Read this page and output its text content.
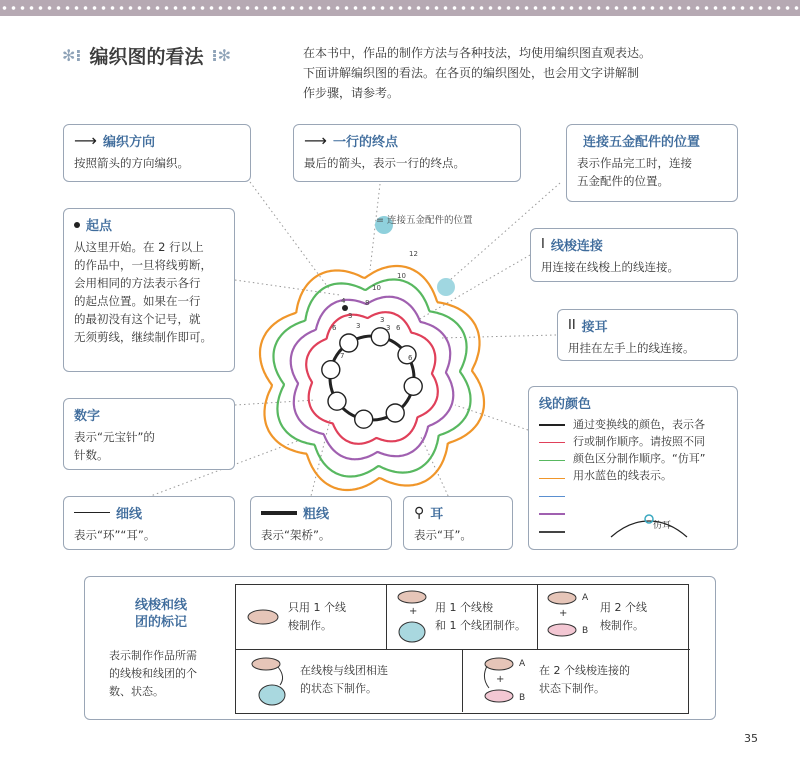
✻⁝ 编织图的看法 ⁝✻	在本书中，作品的制作方法与各种技法，均使用编织图直观表达。
下面讲解编织图的看法。在各页的编织图处，也会用文字讲解制
作步骤，请参考。
12
10
10
6
6
6
8
3	3
4
3	3
7
= 连接五金配件的位置
⟶ 编织方向

按照箭头的方向编织。

⟶ 一行的终点

最后的箭头，表示一行的终点。

连接五金配件的位置

表示作品完工时，连接

五金配件的位置。

起点

从这里开始。在 2 行以上

的作品中，一旦将线剪断，

会用相同的方法表示各行

的起点位置。如果在一行

的最初没有这个记号，就

无须剪线，继续制作即可。

I 线梭连接

用连接在线梭上的线连接。

II 接耳

用挂在左手上的线连接。

数字

表示“元宝针”的

针数。

细线

表示“环”“耳”。

粗线

表示“架桥”。

⚲ 耳

表示“耳”。

线的颜色
通过变换线的颜色，表示各
行或制作顺序。请按照不同
颜色区分制作顺序。“仿耳”
用水蓝色的线表示。
仿耳
线梭和线
团的标记
表示制作作品所需
的线梭和线团的个
数、状态。
只用 1 个线
梭制作。
+ 用 1 个线梭
和 1 个线团制作。
A
+
B
用 2 个线
梭制作。
在线梭与线团相连
的状态下制作。
A
+
B
在 2 个线梭连接的
状态下制作。
35
